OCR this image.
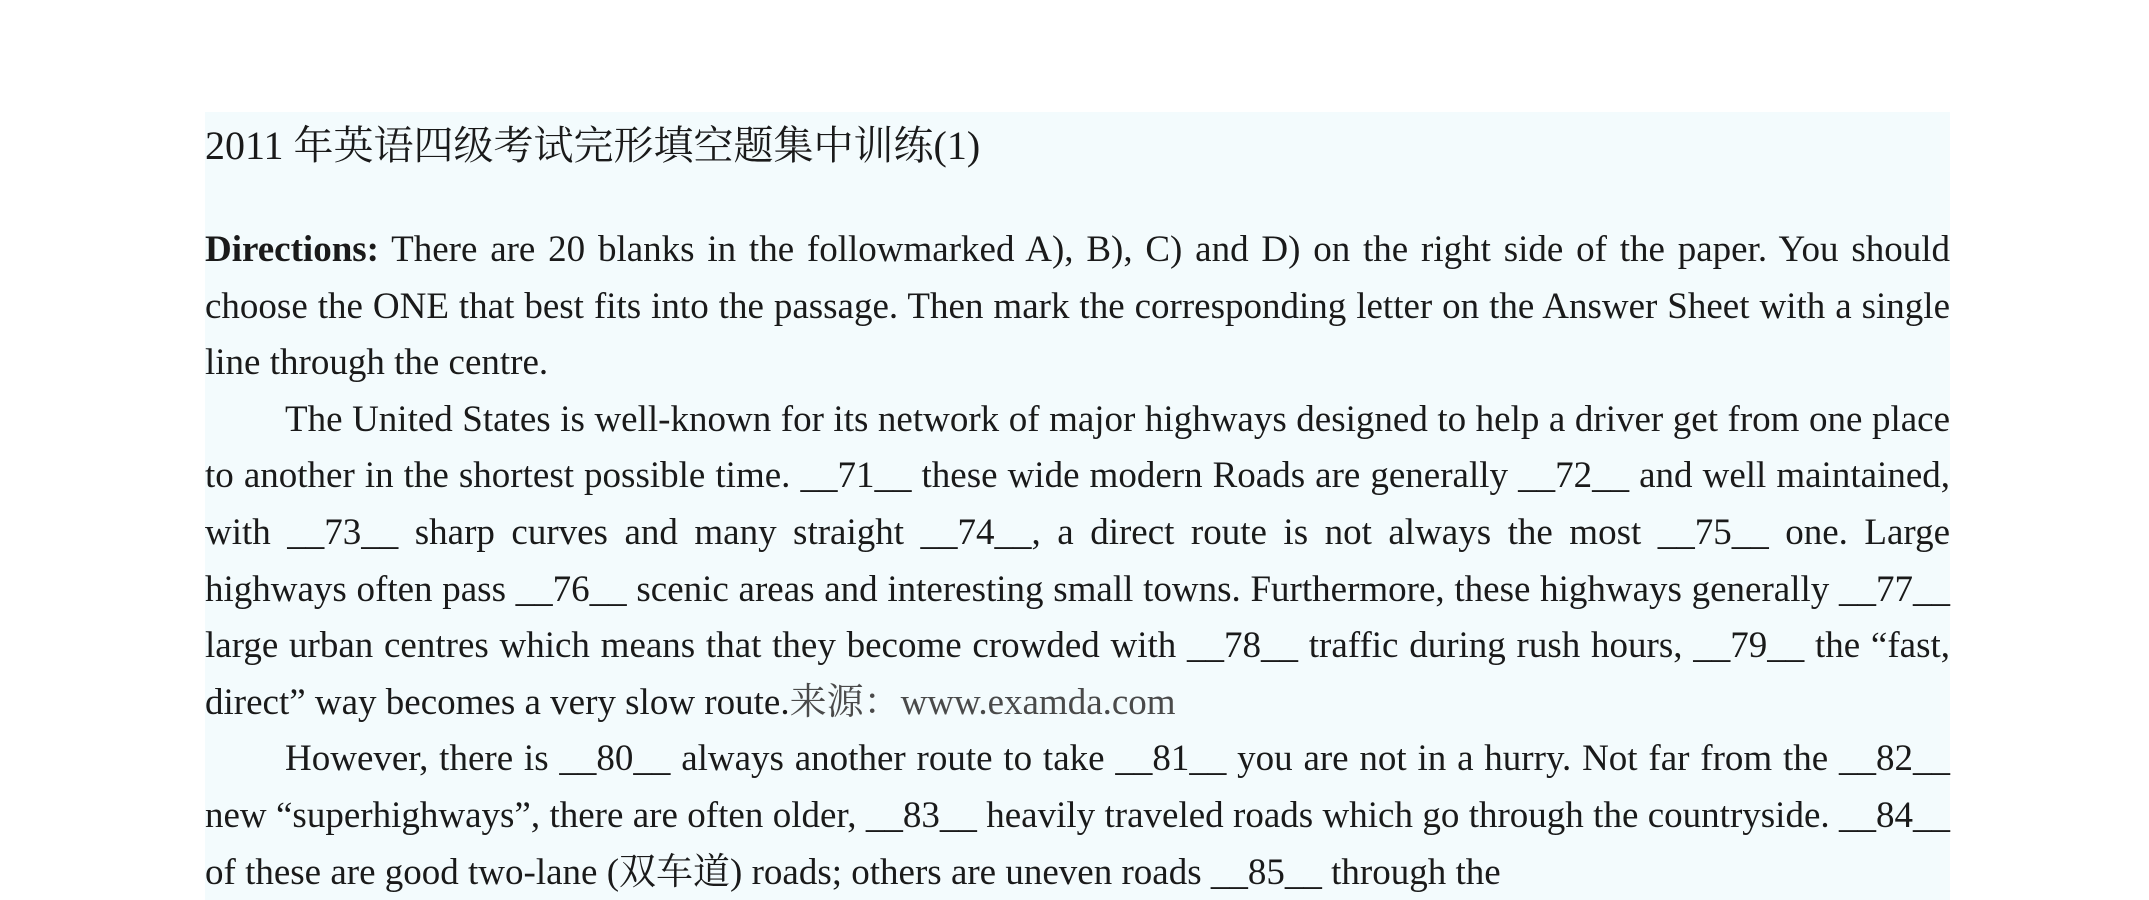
2011 年英语四级考试完形填空题集中训练(1)

Directions: There are 20 blanks in the followmarked A), B), C) and D) on the right side of the paper. You should choose the ONE that best fits into the passage. Then mark the corresponding letter on the Answer Sheet with a single line through the centre.

The United States is well-known for its network of major highways designed to help a driver get from one place to another in the shortest possible time. __71__ these wide modern Roads are generally __72__ and well maintained, with __73__ sharp curves and many straight __74__, a direct route is not always the most __75__ one. Large highways often pass __76__ scenic areas and interesting small towns. Furthermore, these highways generally __77__ large urban centres which means that they become crowded with __78__ traffic during rush hours, __79__ the “fast, direct” way becomes a very slow route.来源：www.examda.com

However, there is __80__ always another route to take __81__ you are not in a hurry. Not far from the __82__ new “superhighways”, there are often older, __83__ heavily traveled roads which go through the countryside. __84__ of these are good two-lane (双车道) roads; others are uneven roads __85__ through the
